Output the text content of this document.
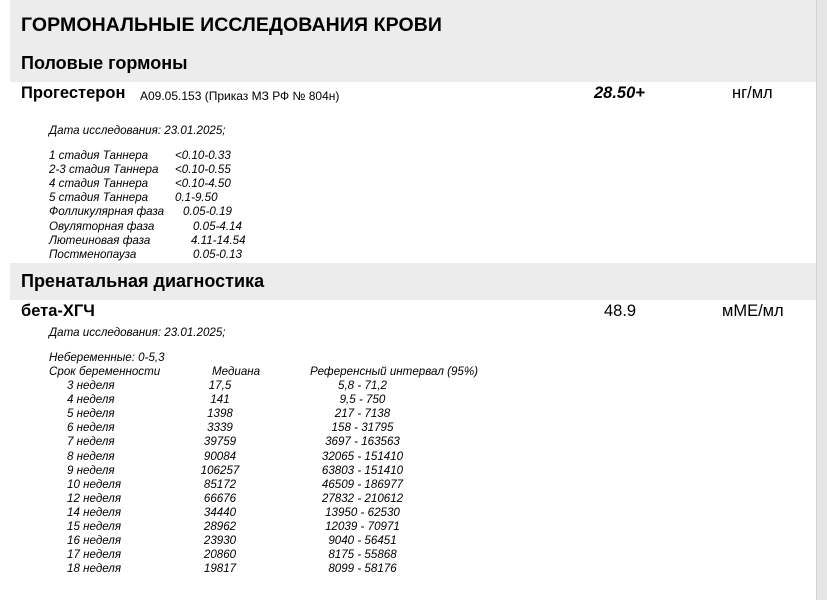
ГОРМОНАЛЬНЫЕ ИССЛЕДОВАНИЯ КРОВИ
Половые гормоны
Прогестерон A09.05.153 (Приказ МЗ РФ № 804н)	28.50+	нг/мл
Дата исследования: 23.01.2025;
1 стадия Таннера <0.10-0.33
2-3 стадия Таннера <0.10-0.55
4 стадия Таннера <0.10-4.50
5 стадия Таннера 0.1-9.50
Фолликулярная фаза 0.05-0.19
Овуляторная фаза	0.05-4.14
Лютеиновая фаза	4.11-14.54
Постменопауза	0.05-0.13
Пренатальная диагностика
бета-ХГЧ	48.9	мМЕ/мл
Дата исследования: 23.01.2025;
Небеременные: 0-5,3
Срок беременности	Медиана	Референсный интервал (95%)
3 неделя	17,5	5,8 - 71,2
4 неделя	141	9,5 - 750
5 неделя	1398	217 - 7138
6 неделя	3339	158 - 31795
7 неделя	39759	3697 - 163563
8 неделя	90084	32065 - 151410
9 неделя	106257	63803 - 151410
10 неделя	85172	46509 - 186977
12 неделя	66676	27832 - 210612
14 неделя	34440	13950 - 62530
15 неделя	28962	12039 - 70971
16 неделя	23930	9040 - 56451
17 неделя	20860	8175 - 55868
18 неделя	19817	8099 - 58176
